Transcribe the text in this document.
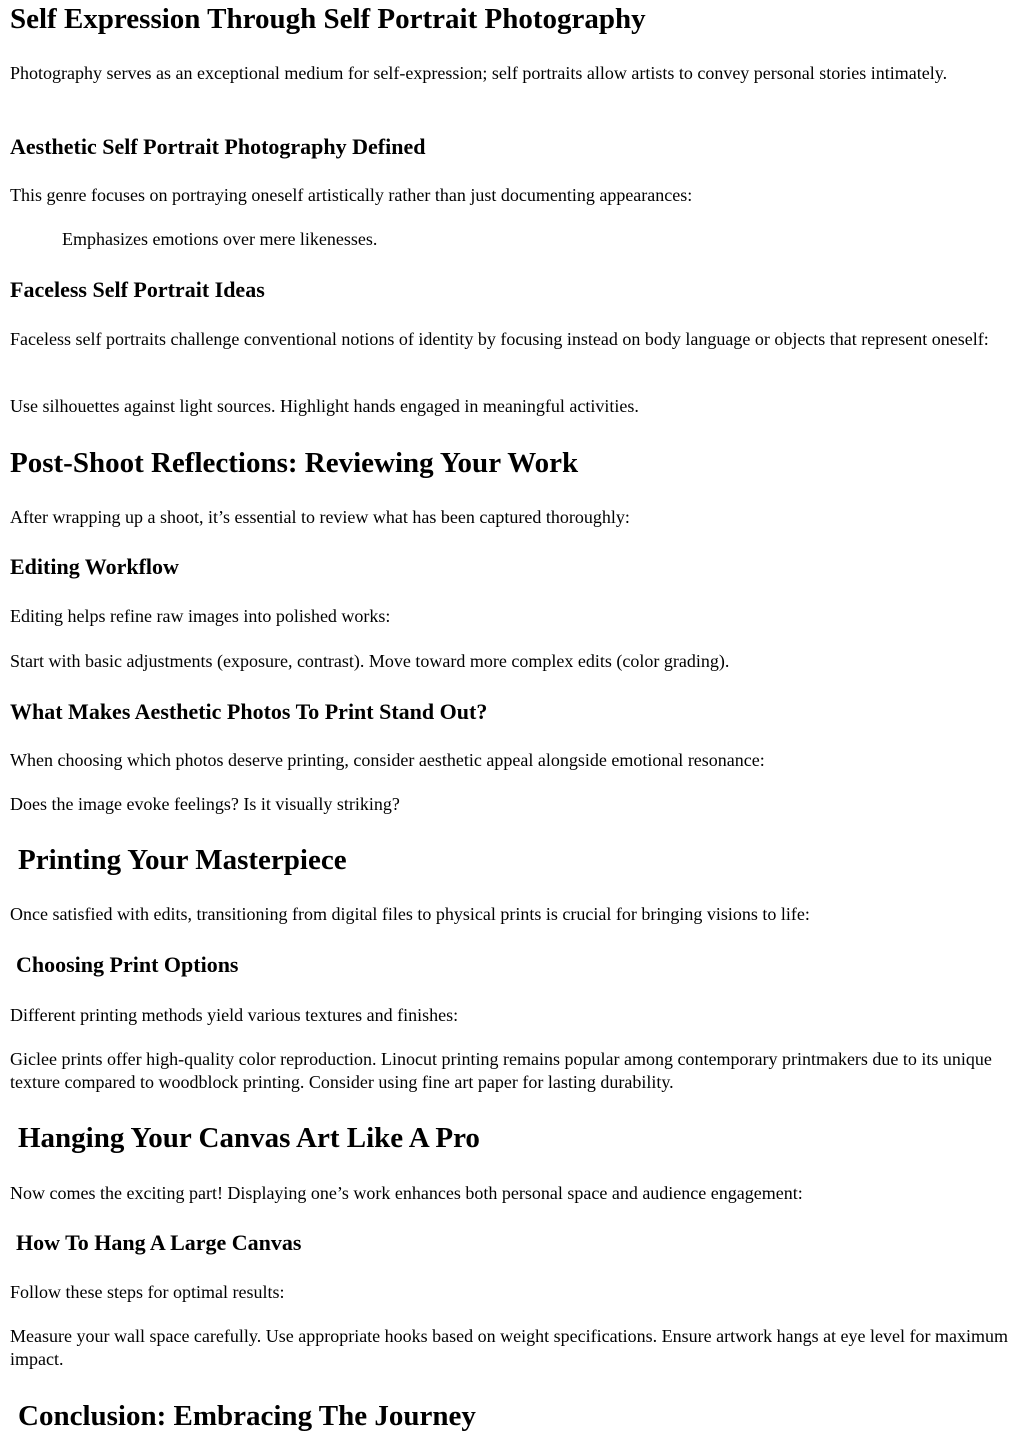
Self Expression Through Self Portrait Photography

Photography serves as an exceptional medium for self-expression; self portraits allow artists to convey personal stories intimately.

Aesthetic Self Portrait Photography Defined

This genre focuses on portraying oneself artistically rather than just documenting appearances:

Emphasizes emotions over mere likenesses.

Faceless Self Portrait Ideas

Faceless self portraits challenge conventional notions of identity by focusing instead on body language or objects that represent oneself:

Use silhouettes against light sources. Highlight hands engaged in meaningful activities.

Post-Shoot Reflections: Reviewing Your Work

After wrapping up a shoot, it’s essential to review what has been captured thoroughly:

Editing Workflow

Editing helps refine raw images into polished works:

Start with basic adjustments (exposure, contrast). Move toward more complex edits (color grading).

What Makes Aesthetic Photos To Print Stand Out?

When choosing which photos deserve printing, consider aesthetic appeal alongside emotional resonance:

Does the image evoke feelings? Is it visually striking?

Printing Your Masterpiece

Once satisfied with edits, transitioning from digital files to physical prints is crucial for bringing visions to life:

Choosing Print Options

Different printing methods yield various textures and finishes:

Giclee prints offer high-quality color reproduction. Linocut printing remains popular among contemporary printmakers due to its unique texture compared to woodblock printing. Consider using fine art paper for lasting durability.

Hanging Your Canvas Art Like A Pro

Now comes the exciting part! Displaying one’s work enhances both personal space and audience engagement:

How To Hang A Large Canvas

Follow these steps for optimal results:

Measure your wall space carefully. Use appropriate hooks based on weight specifications. Ensure artwork hangs at eye level for maximum impact.

Conclusion: Embracing The Journey
